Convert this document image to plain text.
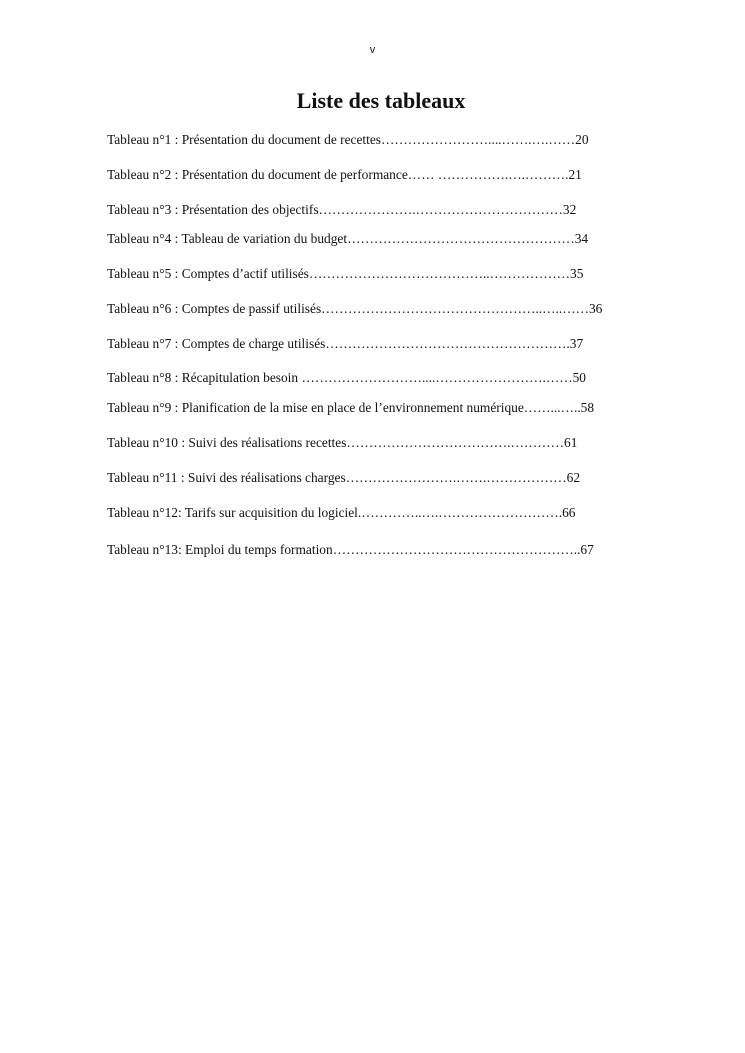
v
Liste des tableaux
Tableau n°1 : Présentation du document de recettes……………………....…….….……20
Tableau n°2 : Présentation du document de performance…… …………….….……….21
Tableau n°3 : Présentation des objectifs………………….……………………………32
Tableau n°4 : Tableau de variation du budget……………………………………………34
Tableau n°5 : Comptes d’actif utilisés…………………………………..………………35
Tableau n°6 : Comptes de passif utilisés…………………………………………..…..……36
Tableau n°7 : Comptes de charge utilisés……………………………………………….37
Tableau n°8 : Récapitulation besoin ………………………....…………………….……50
Tableau n°9 : Planification de la mise en place de l’environnement numérique……...…..58
Tableau n°10 : Suivi des réalisations recettes……………………………….…………61
Tableau n°11 : Suivi des réalisations charges…………………….…….………………62
Tableau n°12: Tarifs sur acquisition du logiciel.…………..….……………………….66
Tableau n°13: Emploi du temps formation………………………………………………..67
